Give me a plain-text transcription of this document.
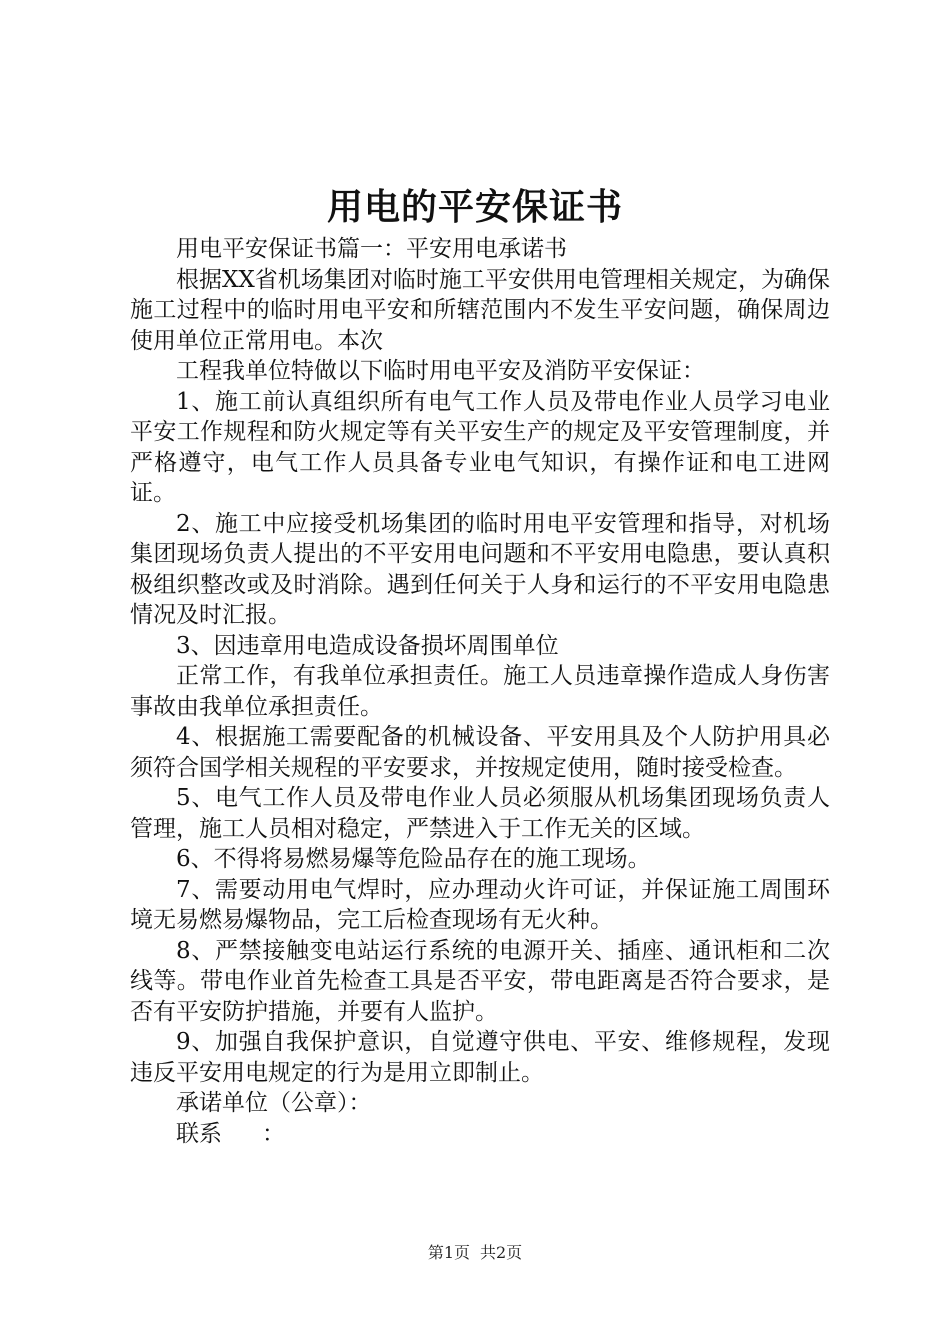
用电的平安保证书

用电平安保证书篇一：平安用电承诺书

根据XX省机场集团对临时施工平安供用电管理相关规定，为确保施工过程中的临时用电平安和所辖范围内不发生平安问题，确保周边使用单位正常用电。本次

工程我单位特做以下临时用电平安及消防平安保证：

1、施工前认真组织所有电气工作人员及带电作业人员学习电业平安工作规程和防火规定等有关平安生产的规定及平安管理制度，并严格遵守，电气工作人员具备专业电气知识，有操作证和电工进网证。

2、施工中应接受机场集团的临时用电平安管理和指导，对机场集团现场负责人提出的不平安用电问题和不平安用电隐患，要认真积极组织整改或及时消除。遇到任何关于人身和运行的不平安用电隐患情况及时汇报。

3、因违章用电造成设备损坏周围单位

正常工作，有我单位承担责任。施工人员违章操作造成人身伤害事故由我单位承担责任。

4、根据施工需要配备的机械设备、平安用具及个人防护用具必须符合国学相关规程的平安要求，并按规定使用，随时接受检查。

5、电气工作人员及带电作业人员必须服从机场集团现场负责人管理，施工人员相对稳定，严禁进入于工作无关的区域。

6、不得将易燃易爆等危险品存在的施工现场。

7、需要动用电气焊时，应办理动火许可证，并保证施工周围环境无易燃易爆物品，完工后检查现场有无火种。

8、严禁接触变电站运行系统的电源开关、插座、通讯柜和二次线等。带电作业首先检查工具是否平安，带电距离是否符合要求，是否有平安防护措施，并要有人监护。

9、加强自我保护意识，自觉遵守供电、平安、维修规程，发现违反平安用电规定的行为是用立即制止。

承诺单位（公章）：

联系 ：

第1页 共2页
